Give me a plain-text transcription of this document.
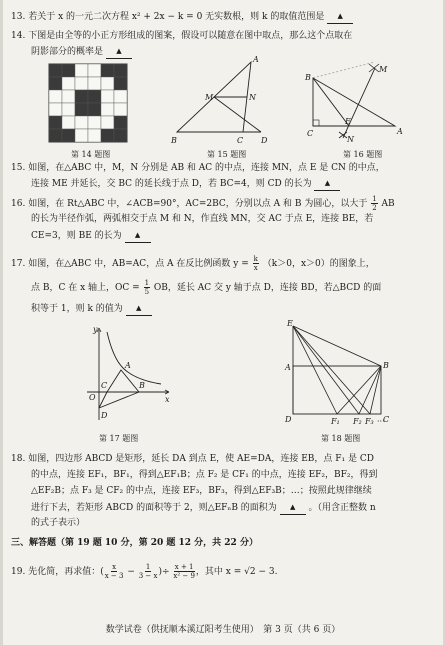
13. 若关于 x 的一元二次方程 x² + 2x − k = 0 无实数根，则 k 的取值范围是 ▲
14. 下图是由全等的小正方形组成的图案，假设可以随意在图中取点，那么这个点取在
阴影部分的概率是 ▲
第 14 题图
A
B	C D
M	N
第 15 题图
B
C
E
A
M
N
第 16 题图
15. 如图，在△ABC 中，M，N 分别是 AB 和 AC 的中点，连接 MN，点 E 是 CN 的中点，
连接 ME 并延长，交 BC 的延长线于点 D，若 BC=4，则 CD 的长为 ▲
16. 如图，在 Rt△ABC 中，∠ACB=90°，AC=2BC，分别以点 A 和 B 为圆心，以大于 $\frac{1}{2}$ AB
的长为半径作弧，两弧相交于点 M 和 N，作直线 MN，交 AC 于点 E，连接 BE，若
CE=3，则 BE 的长为 ▲
17. 如图，在△ABC 中，AB=AC，点 A 在反比例函数 $y = \frac{k}{x} (k>0$，x＞0）的图象上，
点 B，C 在 x 轴上，OC = $\frac{1}{5}$ OB，延长 AC 交 y 轴于点 D，连接 BD，若△BCD 的面
积等于 1，则 k 的值为 ▲
y
x
O
A
B
C
D
第 17 题图
E
A	B
C
D	F₁ F₂ F₃ ···
第 18 题图
18. 如图，四边形 ABCD 是矩形，延长 DA 到点 E，使 AE=DA，连接 EB，点 F₁ 是 CD
的中点，连接 EF₁，BF₁，得到△EF₁B；点 F₂ 是 CF₁ 的中点，连接 EF₂，BF₂，得到
△EF₂B；点 F₃ 是 CF₂ 的中点，连接 EF₃，BF₃，得到△EF₃B；…；按照此规律继续
进行下去，若矩形 ABCD 的面积等于 2，则△EFₙB 的面积为 ▲ 。（用含正整数 n
的式子表示）
三、解答题（第 19 题 10 分，第 20 题 12 分，共 22 分）
19. 先化简，再求值：( $\frac{x}{x - 3} - \frac{1}{3 - x}$ )÷ $\frac{x + 1}{\text{x² − 9}}$ ，其中 x = √2 − 3.
数学试卷（供抚顺本溪辽阳考生使用）　第 3 页（共 6 页）
